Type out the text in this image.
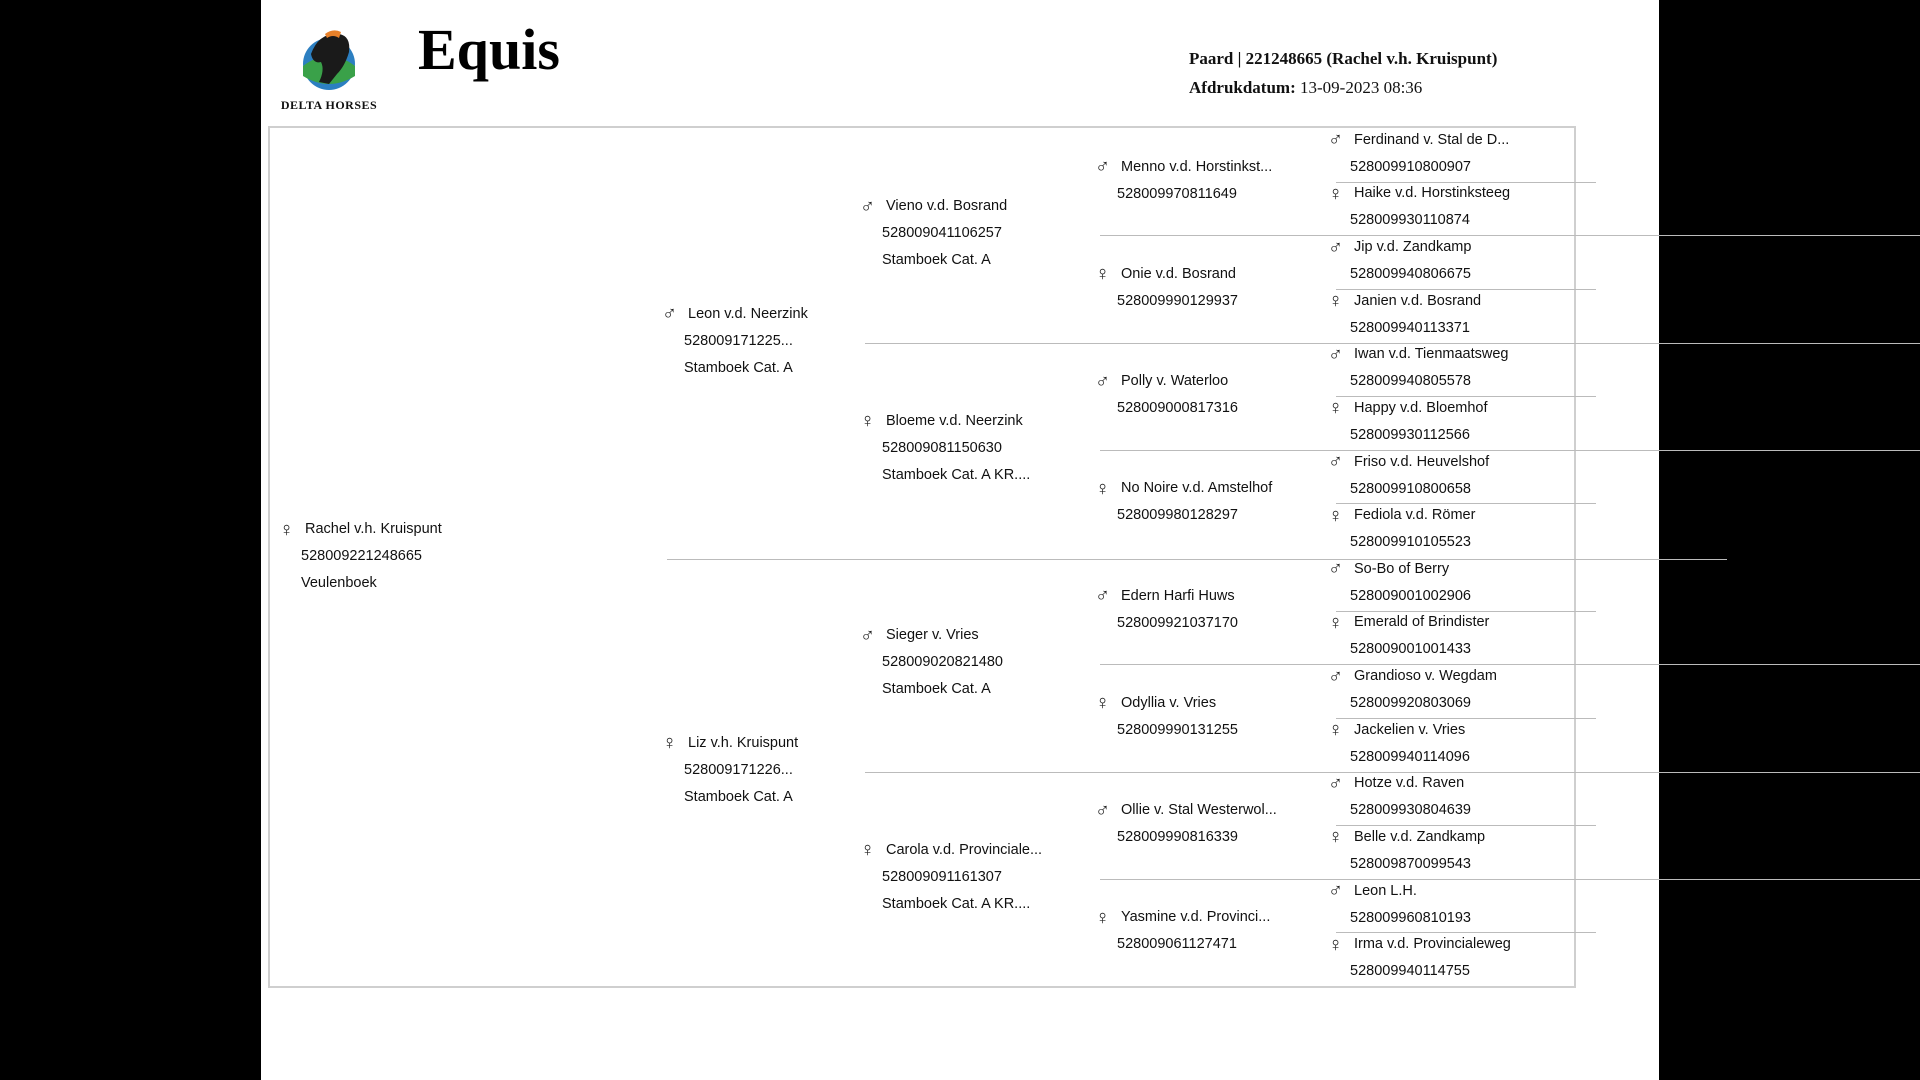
DELTA HORSES
Equis	Paard | 221248665 (Rachel v.h. Kruispunt)
Afdrukdatum: 13-09-2023 08:36
♀ Rachel v.h. Kruispunt
528009221248665
Veulenboek
♂ Leon v.d. Neerzink
528009171225...
Stamboek Cat. A
♀ Liz v.h. Kruispunt
528009171226...
Stamboek Cat. A
♂ Vieno v.d. Bosrand
528009041106257
Stamboek Cat. A
♀ Bloeme v.d. Neerzink
528009081150630
Stamboek Cat. A KR....
♂ Sieger v. Vries
528009020821480
Stamboek Cat. A
♀ Carola v.d. Provinciale...
528009091161307
Stamboek Cat. A KR....
♂ Menno v.d. Horstinkst...
528009970811649
♀ Onie v.d. Bosrand
528009990129937
♂ Polly v. Waterloo
528009000817316
♀ No Noire v.d. Amstelhof
528009980128297
♂ Edern Harfi Huws
528009921037170
♀ Odyllia v. Vries
528009990131255
♂ Ollie v. Stal Westerwol...
528009990816339
♀ Yasmine v.d. Provinci...
528009061127471
♂ Ferdinand v. Stal de D...
528009910800907
♀ Haike v.d. Horstinksteeg
528009930110874
♂ Jip v.d. Zandkamp
528009940806675
♀ Janien v.d. Bosrand
528009940113371
♂ Iwan v.d. Tienmaatsweg
528009940805578
♀ Happy v.d. Bloemhof
528009930112566
♂ Friso v.d. Heuvelshof
528009910800658
♀ Fediola v.d. Römer
528009910105523
♂ So-Bo of Berry
528009001002906
♀ Emerald of Brindister
528009001001433
♂ Grandioso v. Wegdam
528009920803069
♀ Jackelien v. Vries
528009940114096
♂ Hotze v.d. Raven
528009930804639
♀ Belle v.d. Zandkamp
528009870099543
♂ Leon L.H.
528009960810193
♀ Irma v.d. Provincialeweg
528009940114755
